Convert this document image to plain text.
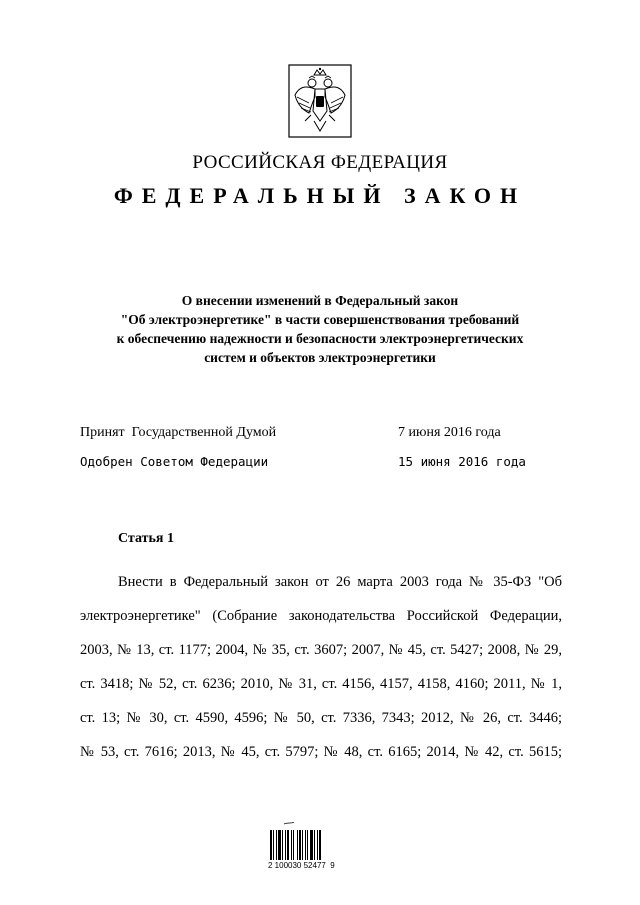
РОССИЙСКАЯ ФЕДЕРАЦИЯ
ФЕДЕРАЛЬНЫЙ ЗАКОН
О внесении изменений в Федеральный закон
"Об электроэнергетике" в части совершенствования требований
к обеспечению надежности и безопасности электроэнергетических
систем и объектов электроэнергетики
Принят  Государственной Думой	7 июня 2016 года
Одобрен Советом Федерации	15 июня 2016 года
Статья 1
Внести в Федеральный закон от 26 марта 2003 года № 35-ФЗ "Об
электроэнергетике" (Собрание законодательства Российской Федерации,
2003, № 13, ст. 1177; 2004, № 35, ст. 3607; 2007, № 45, ст. 5427; 2008, № 29,
ст. 3418; № 52, ст. 6236; 2010, № 31, ст. 4156, 4157, 4158, 4160; 2011, № 1,
ст. 13; № 30, ст. 4590, 4596; № 50, ст. 7336, 7343; 2012, № 26, ст. 3446;
№ 53, ст. 7616; 2013, № 45, ст. 5797; № 48, ст. 6165; 2014, № 42, ст. 5615;
2 100030 52477  9
